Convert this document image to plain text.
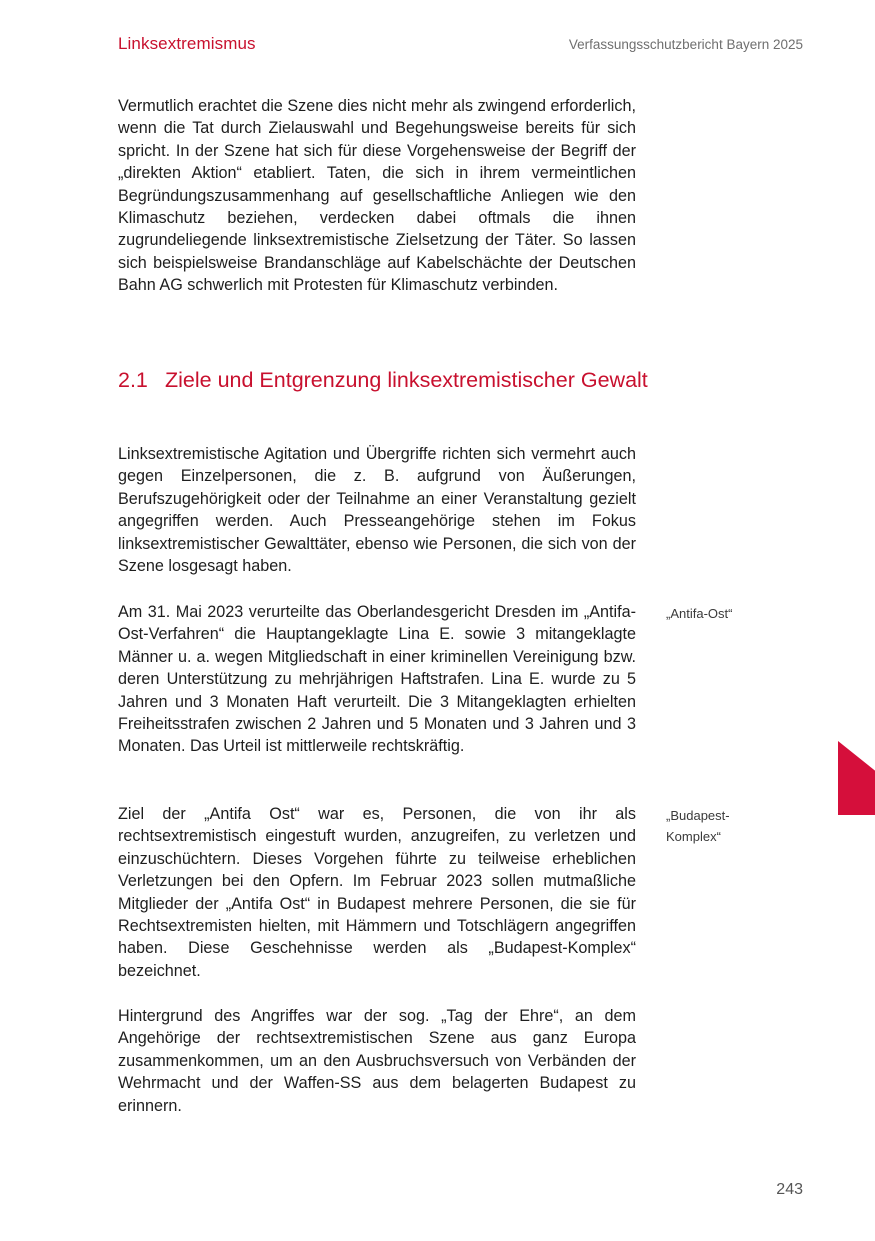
Linksextremismus	Verfassungsschutzbericht Bayern 2025

Vermutlich erachtet die Szene dies nicht mehr als zwingend erforderlich, wenn die Tat durch Zielauswahl und Begehungsweise bereits für sich spricht. In der Szene hat sich für diese Vorgehensweise der Begriff der „direkten Aktion“ etabliert. Taten, die sich in ihrem vermeintlichen Begründungszusammenhang auf gesellschaftliche Anliegen wie den Klimaschutz beziehen, verdecken dabei oftmals die ihnen zugrundeliegende linksextremistische Zielsetzung der Täter. So lassen sich beispielsweise Brandanschläge auf Kabelschächte der Deutschen Bahn AG schwerlich mit Protesten für Klimaschutz verbinden.

2.1 Ziele und Entgrenzung linksextremistischer Gewalt

Linksextremistische Agitation und Übergriffe richten sich vermehrt auch gegen Einzelpersonen, die z. B. aufgrund von Äußerungen, Berufszugehörigkeit oder der Teilnahme an einer Veranstaltung gezielt angegriffen werden. Auch Presseangehörige stehen im Fokus linksextremistischer Gewalttäter, ebenso wie Personen, die sich von der Szene losgesagt haben.

Am 31. Mai 2023 verurteilte das Oberlandesgericht Dresden im „Antifa-Ost-Verfahren“ die Hauptangeklagte Lina E. sowie 3 mitangeklagte Männer u. a. wegen Mitgliedschaft in einer kriminellen Vereinigung bzw. deren Unterstützung zu mehrjährigen Haftstrafen. Lina E. wurde zu 5 Jahren und 3 Monaten Haft verurteilt. Die 3 Mitangeklagten erhielten Freiheitsstrafen zwischen 2 Jahren und 5 Monaten und 3 Jahren und 3 Monaten. Das Urteil ist mittlerweile rechtskräftig.

„Antifa-Ost“

Ziel der „Antifa Ost“ war es, Personen, die von ihr als rechtsextremistisch eingestuft wurden, anzugreifen, zu verletzen und einzuschüchtern. Dieses Vorgehen führte zu teilweise erheblichen Verletzungen bei den Opfern. Im Februar 2023 sollen mutmaßliche Mitglieder der „Antifa Ost“ in Budapest mehrere Personen, die sie für Rechtsextremisten hielten, mit Hämmern und Totschlägern angegriffen haben. Diese Geschehnisse werden als „Budapest-Komplex“ bezeichnet.

„Budapest-Komplex“

Hintergrund des Angriffes war der sog. „Tag der Ehre“, an dem Angehörige der rechtsextremistischen Szene aus ganz Europa zusammenkommen, um an den Ausbruchsversuch von Verbänden der Wehrmacht und der Waffen-SS aus dem belagerten Budapest zu erinnern.

243
